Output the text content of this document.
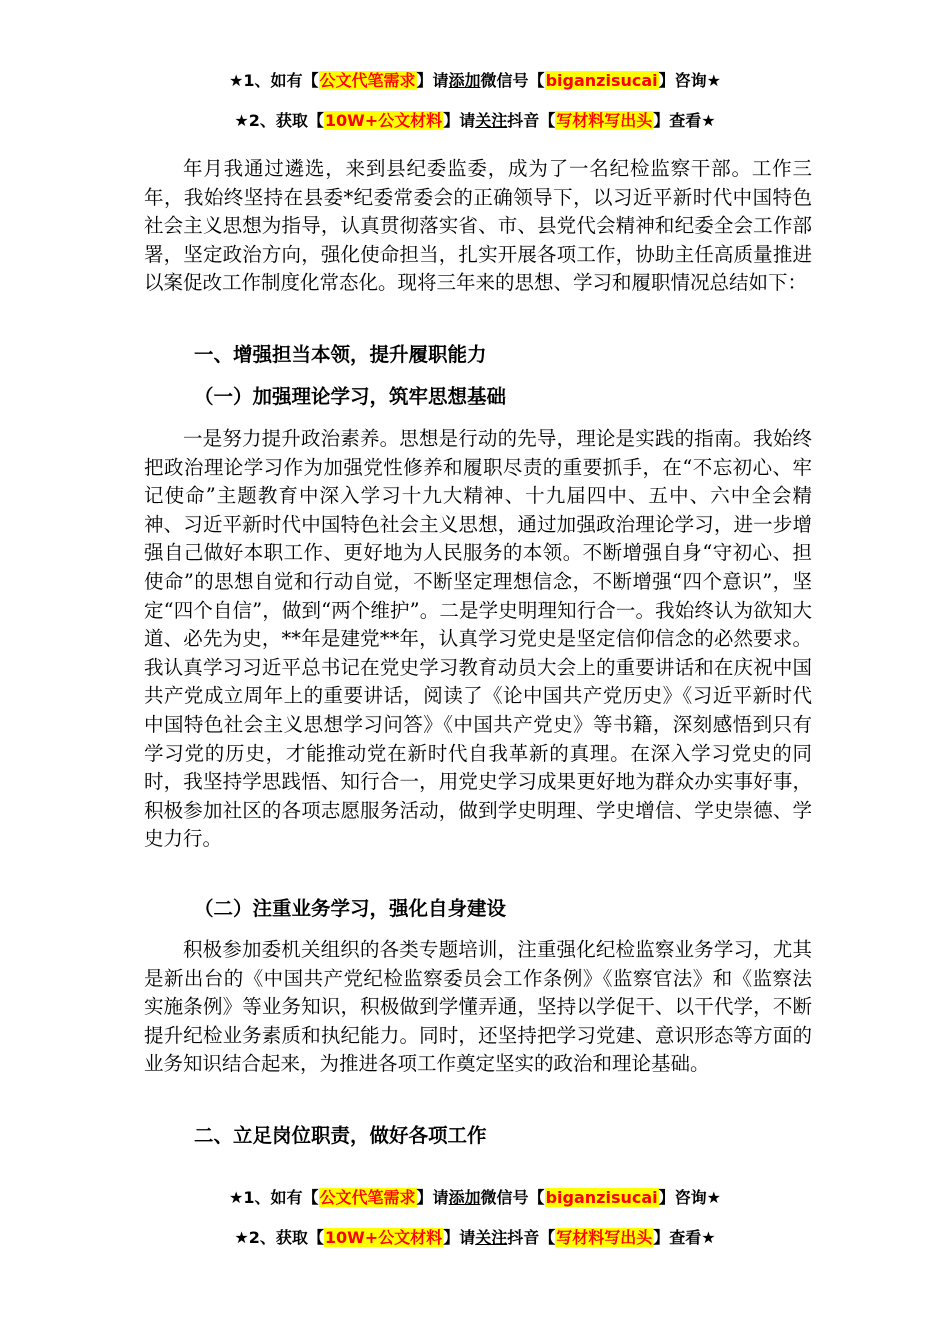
★1、如有【公文代笔需求】请添加微信号【biganzisucai】咨询★
★2、获取【10W+公文材料】请关注抖音【写材料写出头】查看★
年月我通过遴选，来到县纪委监委，成为了一名纪检监察干部。工作三年，我始终坚持在县委*纪委常委会的正确领导下，以习近平新时代中国特色社会主义思想为指导，认真贯彻落实省、市、县党代会精神和纪委全会工作部署，坚定政治方向，强化使命担当，扎实开展各项工作，协助主任高质量推进以案促改工作制度化常态化。现将三年来的思想、学习和履职情况总结如下：
一、增强担当本领，提升履职能力
（一）加强理论学习，筑牢思想基础
一是努力提升政治素养。思想是行动的先导，理论是实践的指南。我始终把政治理论学习作为加强党性修养和履职尽责的重要抓手，在“不忘初心、牢记使命”主题教育中深入学习十九大精神、十九届四中、五中、六中全会精神、习近平新时代中国特色社会主义思想，通过加强政治理论学习，进一步增强自己做好本职工作、更好地为人民服务的本领。不断增强自身“守初心、担使命”的思想自觉和行动自觉，不断坚定理想信念，不断增强“四个意识”，坚定“四个自信”，做到“两个维护”。二是学史明理知行合一。我始终认为欲知大道、必先为史，**年是建党**年，认真学习党史是坚定信仰信念的必然要求。我认真学习习近平总书记在党史学习教育动员大会上的重要讲话和在庆祝中国共产党成立周年上的重要讲话，阅读了《论中国共产党历史》《习近平新时代中国特色社会主义思想学习问答》《中国共产党史》等书籍，深刻感悟到只有学习党的历史，才能推动党在新时代自我革新的真理。在深入学习党史的同时，我坚持学思践悟、知行合一，用党史学习成果更好地为群众办实事好事，积极参加社区的各项志愿服务活动，做到学史明理、学史增信、学史崇德、学史力行。
（二）注重业务学习，强化自身建设
积极参加委机关组织的各类专题培训，注重强化纪检监察业务学习，尤其是新出台的《中国共产党纪检监察委员会工作条例》《监察官法》和《监察法实施条例》等业务知识，积极做到学懂弄通，坚持以学促干、以干代学，不断提升纪检业务素质和执纪能力。同时，还坚持把学习党建、意识形态等方面的业务知识结合起来，为推进各项工作奠定坚实的政治和理论基础。
二、立足岗位职责，做好各项工作
★1、如有【公文代笔需求】请添加微信号【biganzisucai】咨询★
★2、获取【10W+公文材料】请关注抖音【写材料写出头】查看★
